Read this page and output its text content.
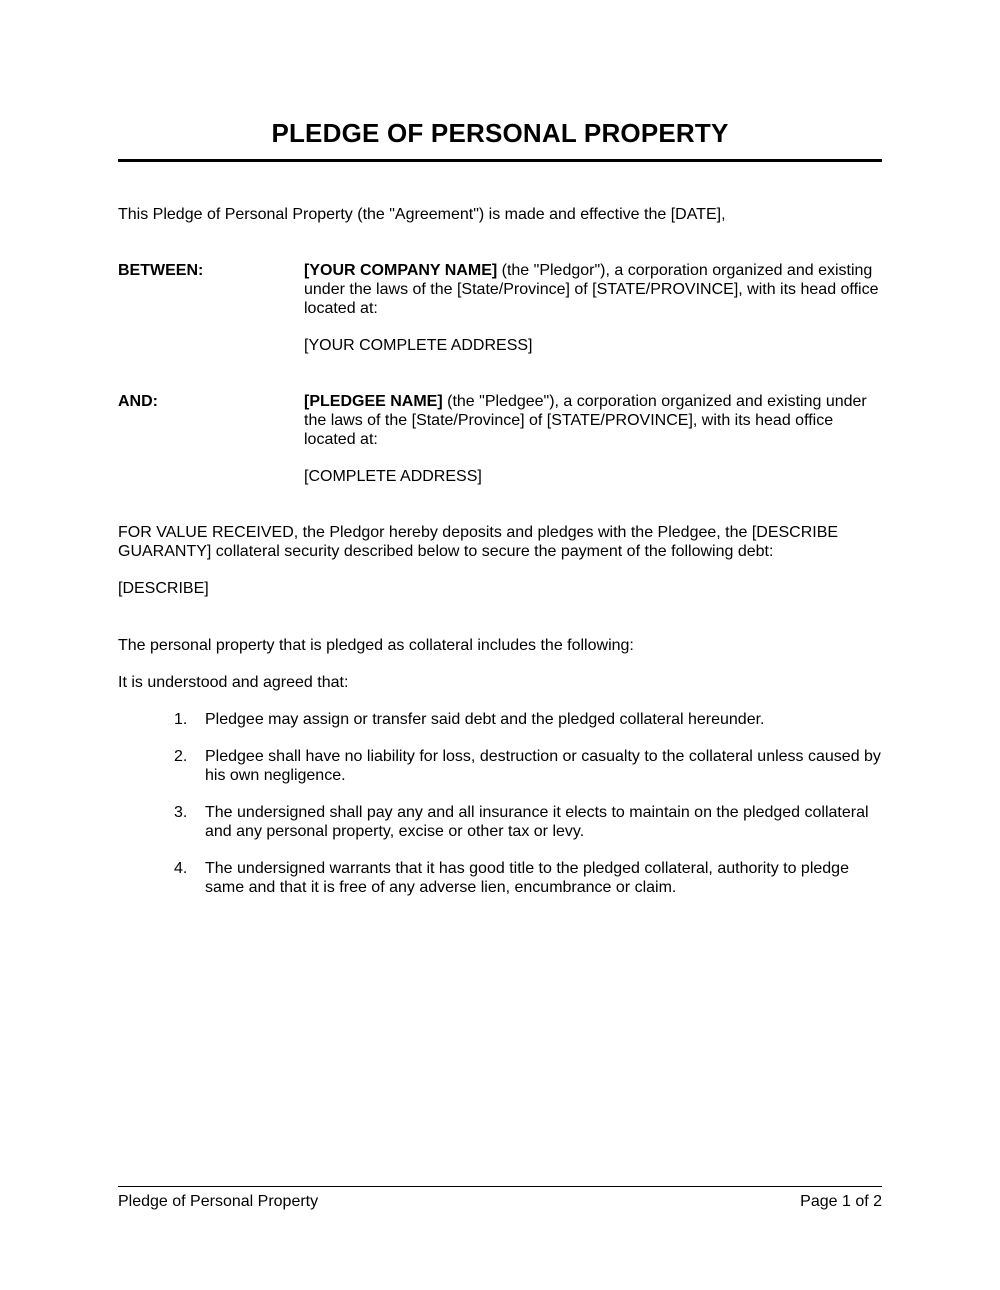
PLEDGE OF PERSONAL PROPERTY
This Pledge of Personal Property (the "Agreement") is made and effective the [DATE],
BETWEEN:	[YOUR COMPANY NAME] (the "Pledgor"), a corporation organized and existing under the laws of the [State/Province] of [STATE/PROVINCE], with its head office located at:
[YOUR COMPLETE ADDRESS]
AND:	[PLEDGEE NAME] (the "Pledgee"), a corporation organized and existing under the laws of the [State/Province] of [STATE/PROVINCE], with its head office located at:
[COMPLETE ADDRESS]
FOR VALUE RECEIVED, the Pledgor hereby deposits and pledges with the Pledgee, the [DESCRIBE GUARANTY] collateral security described below to secure the payment of the following debt:
[DESCRIBE]
The personal property that is pledged as collateral includes the following:
It is understood and agreed that:
1. Pledgee may assign or transfer said debt and the pledged collateral hereunder.
2. Pledgee shall have no liability for loss, destruction or casualty to the collateral unless caused by his own negligence.
3. The undersigned shall pay any and all insurance it elects to maintain on the pledged collateral and any personal property, excise or other tax or levy.
4. The undersigned warrants that it has good title to the pledged collateral, authority to pledge same and that it is free of any adverse lien, encumbrance or claim.
Pledge of Personal Property	Page 1 of 2
